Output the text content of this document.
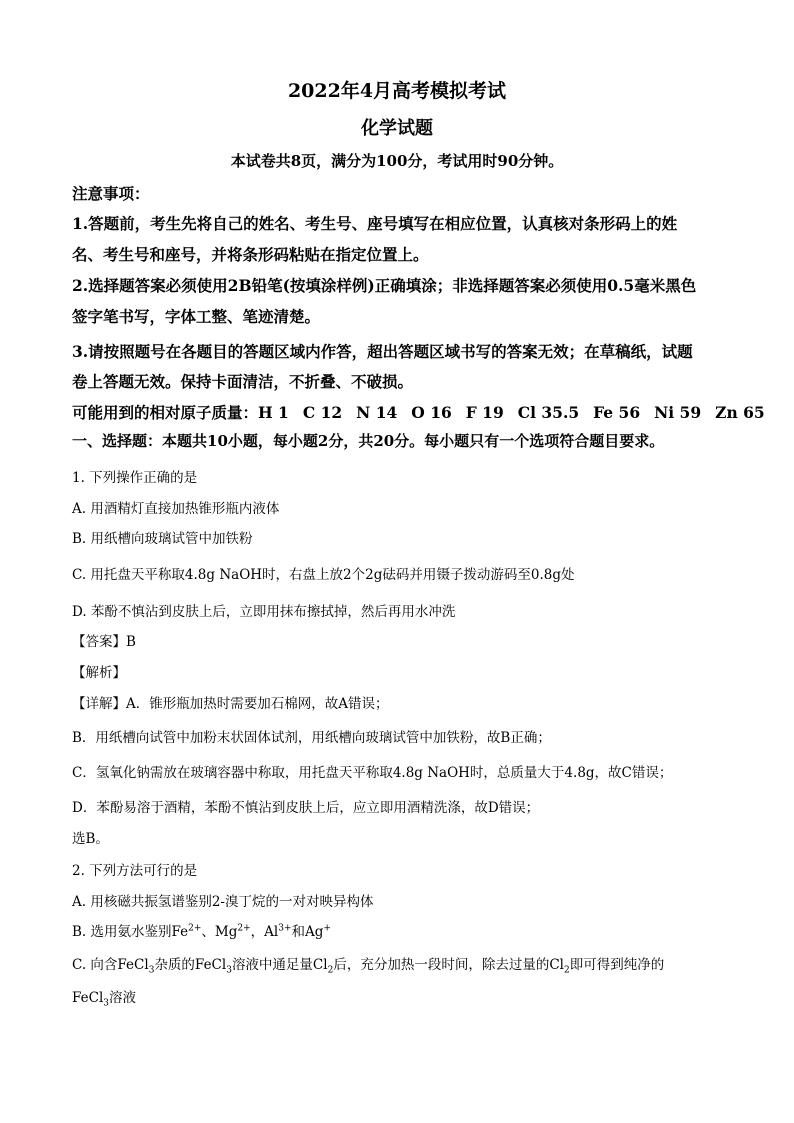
2022年4月高考模拟考试
化学试题
本试卷共8页，满分为100分，考试用时90分钟。
注意事项：
1.答题前，考生先将自己的姓名、考生号、座号填写在相应位置，认真核对条形码上的姓
名、考生号和座号，并将条形码粘贴在指定位置上。
2.选择题答案必须使用2B铅笔(按填涂样例)正确填涂；非选择题答案必须使用0.5毫米黑色
签字笔书写，字体工整、笔迹清楚。
3.请按照题号在各题目的答题区域内作答，超出答题区域书写的答案无效；在草稿纸，试题
卷上答题无效。保持卡面清洁，不折叠、不破损。
可能用到的相对原子质量：H 1 C 12 N 14 O 16 F 19 Cl 35.5 Fe 56 Ni 59 Zn 65
一、选择题：本题共10小题，每小题2分，共20分。每小题只有一个选项符合题目要求。
1. 下列操作正确的是
A. 用酒精灯直接加热锥形瓶内液体
B. 用纸槽向玻璃试管中加铁粉
C. 用托盘天平称取4.8g NaOH时，右盘上放2个2g砝码并用镊子拨动游码至0.8g处
D. 苯酚不慎沾到皮肤上后，立即用抹布擦拭掉，然后再用水冲洗
【答案】B
【解析】
【详解】A．锥形瓶加热时需要加石棉网，故A错误；
B．用纸槽向试管中加粉末状固体试剂，用纸槽向玻璃试管中加铁粉，故B正确；
C．氢氧化钠需放在玻璃容器中称取，用托盘天平称取4.8g NaOH时，总质量大于4.8g，故C错误；
D．苯酚易溶于酒精，苯酚不慎沾到皮肤上后，应立即用酒精洗涤，故D错误；
选B。
2. 下列方法可行的是
A. 用核磁共振氢谱鉴别2-溴丁烷的一对对映异构体
B. 选用氨水鉴别$Fe^{2+}$、$Mg^{2+}$，$Al^{3+}$和Ag+
C. 向含FeCl$_3$杂质的FeCl$_3$溶液中通足量$Cl_2$后，充分加热一段时间，除去过量的$Cl_2$即可得到纯净的
FeCl$_3$溶液
